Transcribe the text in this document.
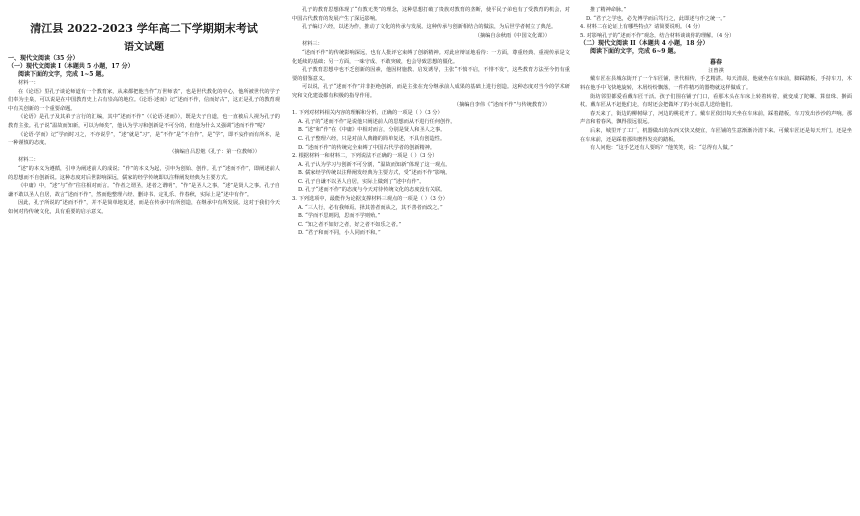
清江县 2022-2023 学年高二下学期期末考试
语文试题

一、现代文阅读（35 分）

（一）现代文阅读 I（本题共 5 小题，17 分）

阅读下面的文字，完成 1~5 题。

材料一：

在《论语》里孔子谈论师道有一个教育家，从来都把他当作“万世师表”，也是世代教化的中心，他所被世代的学子们奉为圭臬，可以说是在中国教育史上占有崇高的地位。《论语·述而》记“述而不作，信而好古”，这正是孔子的教育观中有关创新的一个重要命题。

《论语》是孔子及其弟子言行的汇编，其中“述而不作”（《论语·述而》），既是夫子自道，也一直被后人视为孔子的教育主张。孔子说“温故而知新，可以为师矣”，他认为学习和创新是不可分的，但他为什么又强调“述而不作”呢？

《论语·学而》记“学而时习之，不亦说乎”，“述”就是“习”，是“不作”是“不自作”，是“学”，即不妄作而有所本，是一种谨慎的态度。

（摘编自吕思勉《孔子：第一位教师》）

材料二：

“述”的本义为遵循，引申为阐述前人的成说；“作”的本义为起，引申为创始、创作。孔子“述而不作”，即阐述前人的思想而不自创新说。这种态度对后世影响深远，儒家的经学传统即以注释阐发经典为主要方式。

《中庸》中，“述”与“作”往往相对而言。“作者之谓圣，述者之谓明”，“作”是圣人之事，“述”是贤人之事。孔子自谦不敢以圣人自居，故言“述而不作”，然而他整理六经、删诗书、定礼乐、作春秋，实际上是“述中有作”。

因此，孔子所说的“述而不作”，并不是简单地复述，而是在传承中有所创造，在继承中有所发展。这对于我们今天如何对待传统文化，具有重要的启示意义。

孔子的教育思想体现了“有教无类”的理念，这种思想打破了贵族对教育的垄断，使平民子弟也有了受教育的机会，对中国古代教育的发展产生了深远影响。

孔子编订六经，以述为作，推动了文化的传承与发展。这种传承与创新相结合的做法，为后世学者树立了典范。

（摘编自余秋雨《中国文化课》）

材料三：

“述而不作”的传统影响深远，也有人批评它束缚了创新精神。对此应辩证地看待：一方面，尊重经典、重视传承是文化延续的基础；另一方面，一味守成、不敢突破，也会导致思想的僵化。

孔子教育思想中也不乏创新的因素，他因材施教、启发诱导，主张“不愤不启，不悱不发”，这些教育方法至今仍有重要的借鉴意义。

可以说，孔子“述而不作”并非拒绝创新，而是主张在充分继承前人成果的基础上进行创造。这种态度对当今的学术研究和文化建设都有积极的指导作用。

（摘编自李伟《“述而不作”与传统教育》）

1. 下列对材料相关内容的理解和分析，正确的一项是（ ）（3 分）

A. 孔子的“述而不作”是说他只阐述前人的思想而从不进行任何创作。

B. “述”和“作”在《中庸》中相对而言，分别是贤人和圣人之事。

C. 孔子整理六经，只是对前人典籍的简单复述，不具有创造性。

D. “述而不作”的传统完全束缚了中国古代学者的创新精神。

2. 根据材料一和材料二，下列说法不正确的一项是（ ）（3 分）

A. 孔子认为学习与创新不可分割，“温故而知新”体现了这一观点。

B. 儒家经学传统以注释阐发经典为主要方式，受“述而不作”影响。

C. 孔子自谦不以圣人自居，实际上做到了“述中有作”。

D. 孔子“述而不作”的态度与今天对待传统文化的态度没有关联。

3. 下列选项中，最能作为论据支撑材料三观点的一项是（ ）（3 分）

A. “三人行，必有我师焉。择其善者而从之，其不善者而改之。”

B. “学而不思则罔，思而不学则殆。”

C. “知之者不如好之者，好之者不如乐之者。”

D. “君子和而不同，小人同而不和。”

推了精神命脉。”

D. “君子之学也，必先博学而后笃行之，此即述与作之统一。”

4. 材料二在论证上有哪些特点？请简要说明。（4 分）

5. 对影响孔子的“述而不作”观念，结合材料谈谈你的理解。（4 分）

（二）现代文阅读 II（本题共 4 小题，18 分）

阅读下面的文字，完成 6~9 题。

暮春

汪曾祺

戴车匠在县城东街开了一个车匠铺，世代相传，手艺精湛。每天清晨，他就坐在车床前，脚踩踏板，手持车刀，木料在他手中飞快地旋转，木屑纷纷飘落，一件件精巧的器物就这样做成了。

街坊邻里都爱看戴车匠干活。孩子们围在铺子门口，看那木头在车床上转着转着，就变成了陀螺、算盘珠、擀面杖。戴车匠从不赶他们走，有时还会把做坏了的小玩意儿送给他们。

春天来了，街边的柳树绿了，河边的桃花开了。戴车匠依旧每天坐在车床前，踩着踏板，车刀发出沙沙的声响。那声音和着春风，飘得很远很远。

后来，城里开了工厂，机器做出的东西又快又便宜，车匠铺的生意渐渐冷清下来。可戴车匠还是每天开门，还是坐在车床前，还是踩着那块磨得发亮的踏板。

有人问他：“这手艺还有人要吗？”他笑笑，说：“总得有人做。”
